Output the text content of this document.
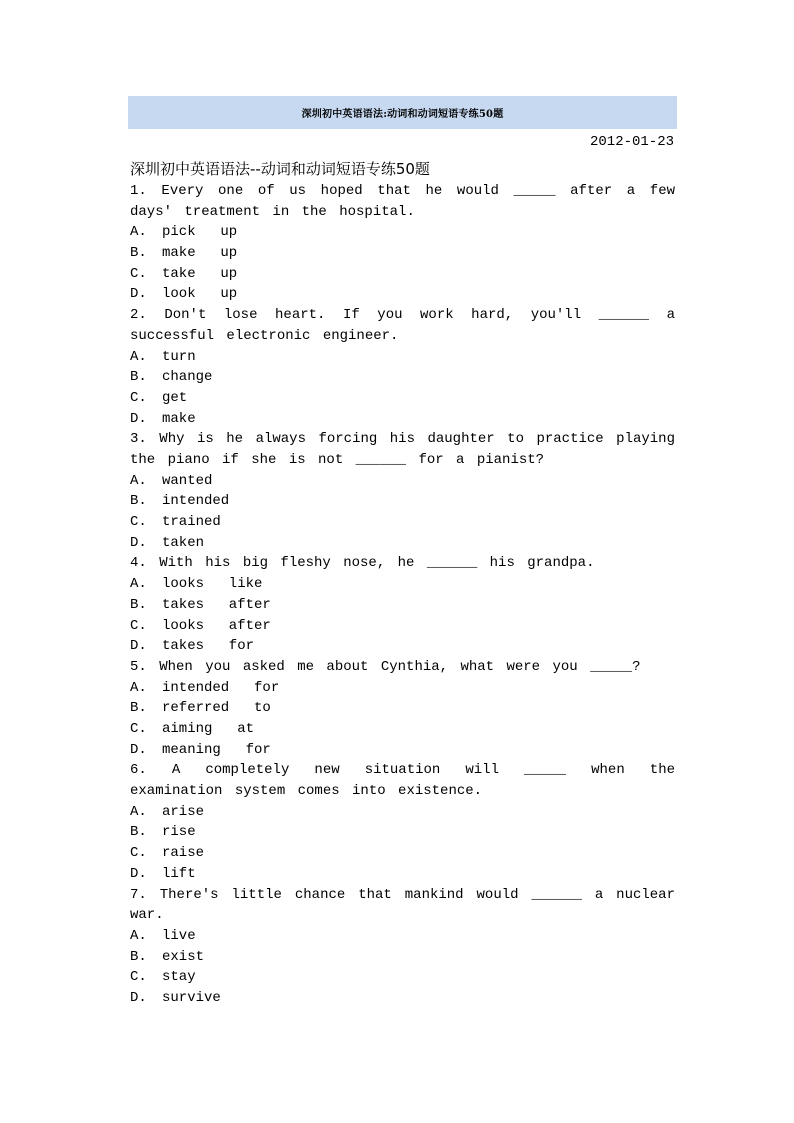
深圳初中英语语法:动词和动词短语专练50题
2012-01-23
深圳初中英语语法--动词和动词短语专练50题
1. Every one of us hoped that he would _____ after a few days' treatment in the hospital.
A. pick  up
B. make  up
C. take  up
D. look  up
2. Don't lose heart. If you work hard, you'll ______ a successful electronic engineer.
A. turn
B. change
C. get
D. make
3. Why is he always forcing his daughter to practice playing the piano if she is not ______ for a pianist?
A. wanted
B. intended
C. trained
D. taken
4. With his big fleshy nose, he ______ his grandpa.
A. looks  like
B. takes  after
C. looks  after
D. takes  for
5. When you asked me about Cynthia, what were you _____?
A. intended  for
B. referred  to
C. aiming  at
D. meaning  for
6. A completely new situation will _____ when the examination system comes into existence.
A. arise
B. rise
C. raise
D. lift
7. There's little chance that mankind would ______ a nuclear war.
A. live
B. exist
C. stay
D. survive
